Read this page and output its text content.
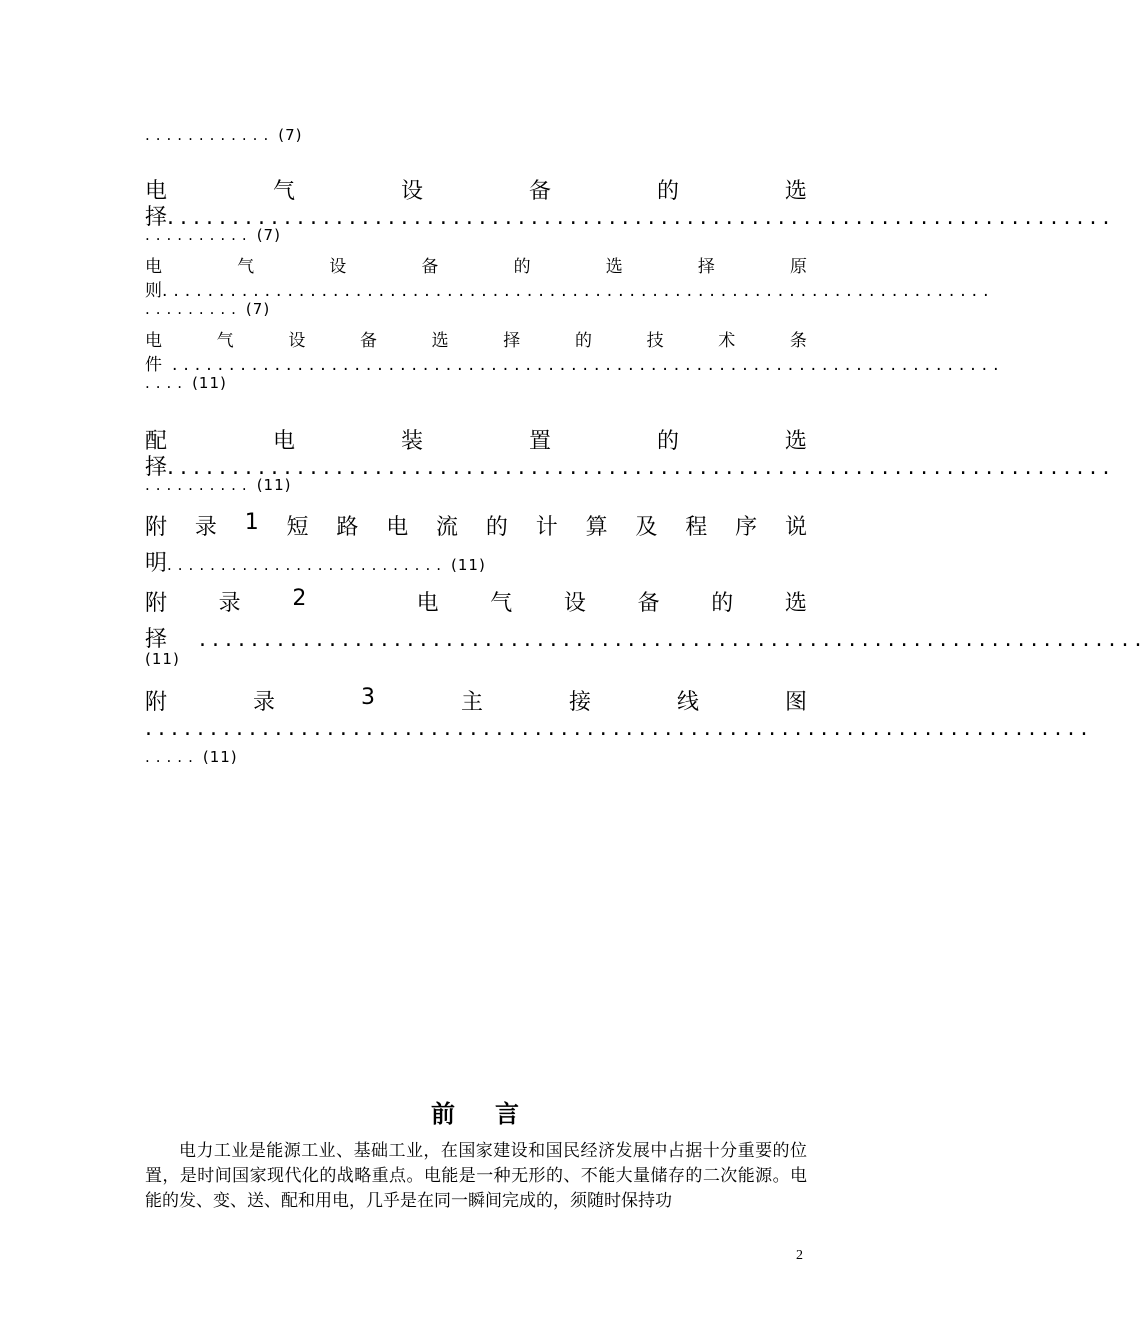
............ (7)
电	气	设	备	的	选
择 .........................................................................
.......... (7)
电	气	设	备	的	选	择	原
则 .........................................................................
......... (7)
电	气	设	备	选	择	的	技	术	条
件 .........................................................................
.... (11)
配	电	装	置	的	选
择 .........................................................................
.......... (11)
附 录 1 短 路 电 流 的 计 算 及 程 序 说
明 .......................... (11)
附 录 2
	电 气 设 备 的 选
择 .........................................................................
(11)
附	录	3	主	接	线	图
.........................................................................
..... (11)
前言
电力工业是能源工业、基础工业，在国家建设和国民经济发展中占据十分重要的位置，是时间国家现代化的战略重点。电能是一种无形的、不能大量储存的二次能源。电能的发、变、送、配和用电，几乎是在同一瞬间完成的，须随时保持功
2
